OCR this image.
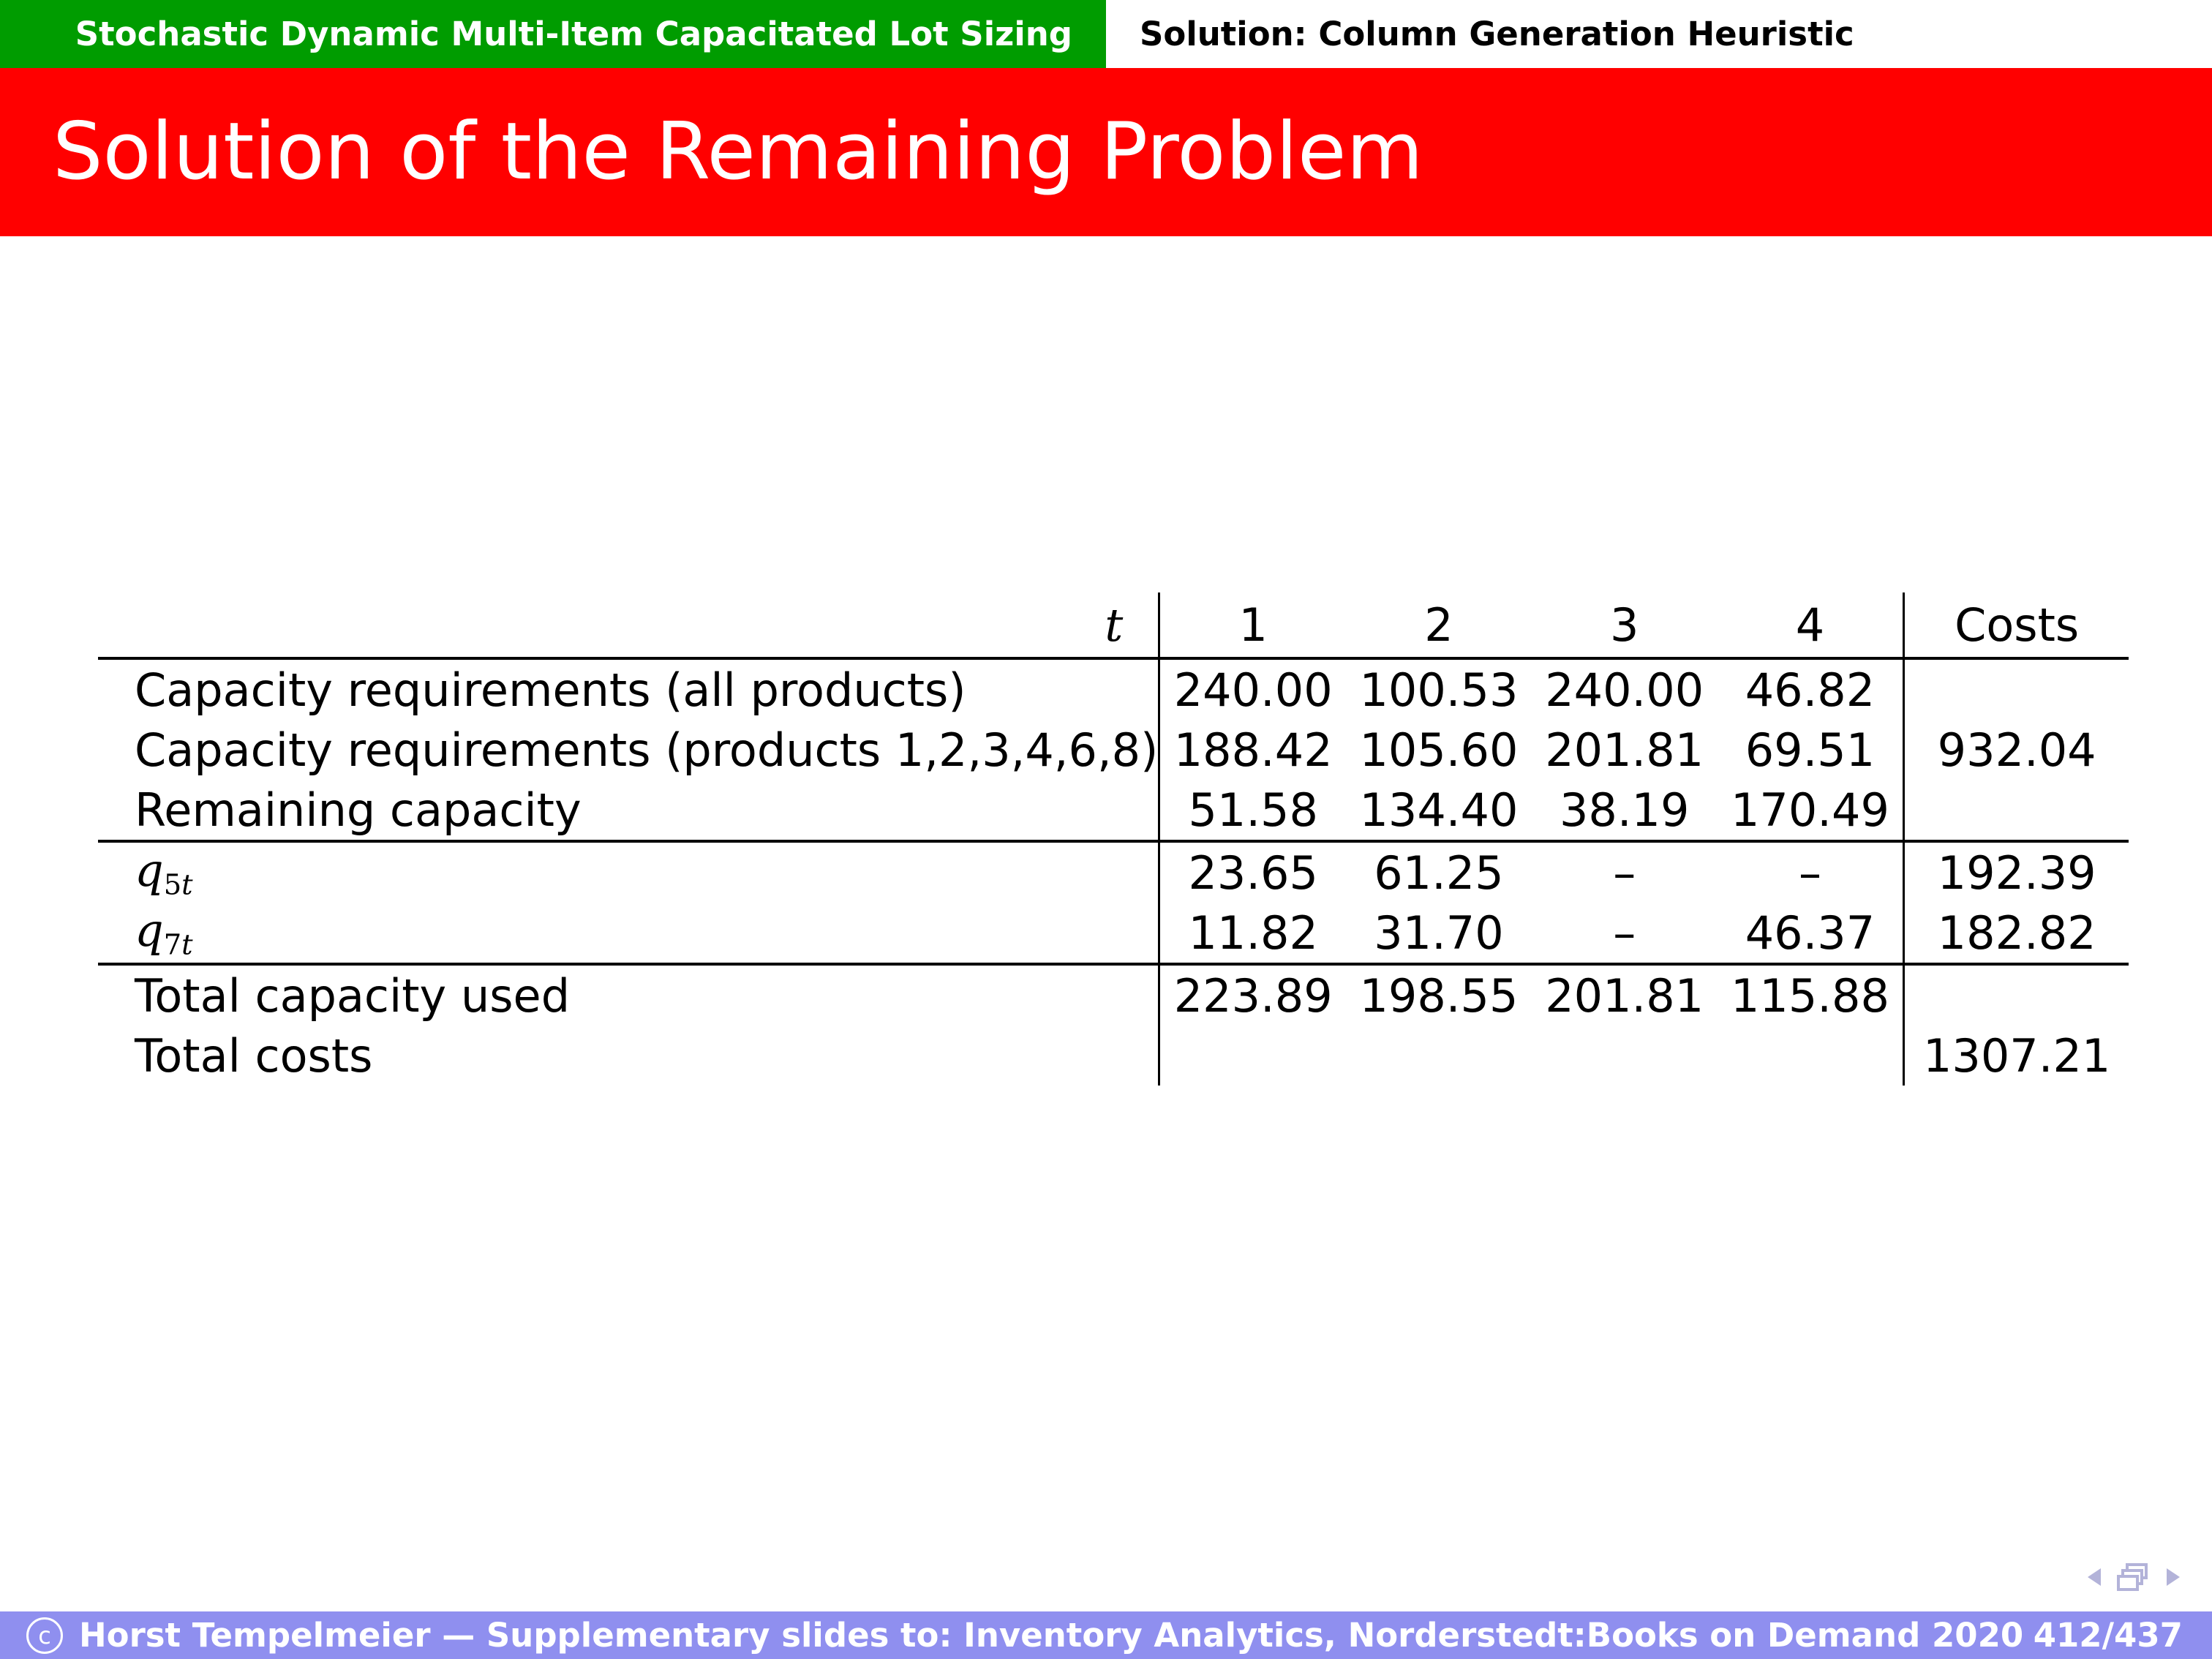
Stochastic Dynamic Multi-Item Capacitated Lot Sizing Solution: Column Generation Heuristic
Solution of the Remaining Problem
t	1	2	3	4	Costs
Capacity requirements (all products)	240.00	100.53	240.00	46.82	
Capacity requirements (products 1,2,3,4,6,8)	188.42	105.60	201.81	69.51	932.04
Remaining capacity	51.58	134.40	38.19	170.49	
$q_{5t}$	23.65	61.25	–	–	192.39
$q_{7t}$	11.82	31.70	–	46.37	182.82
Total capacity used	223.89	198.55	201.81	115.88	
Total costs					1307.21
c Horst Tempelmeier — Supplementary slides to: Inventory Analytics, Norderstedt:Books on Demand 2020 412/437
